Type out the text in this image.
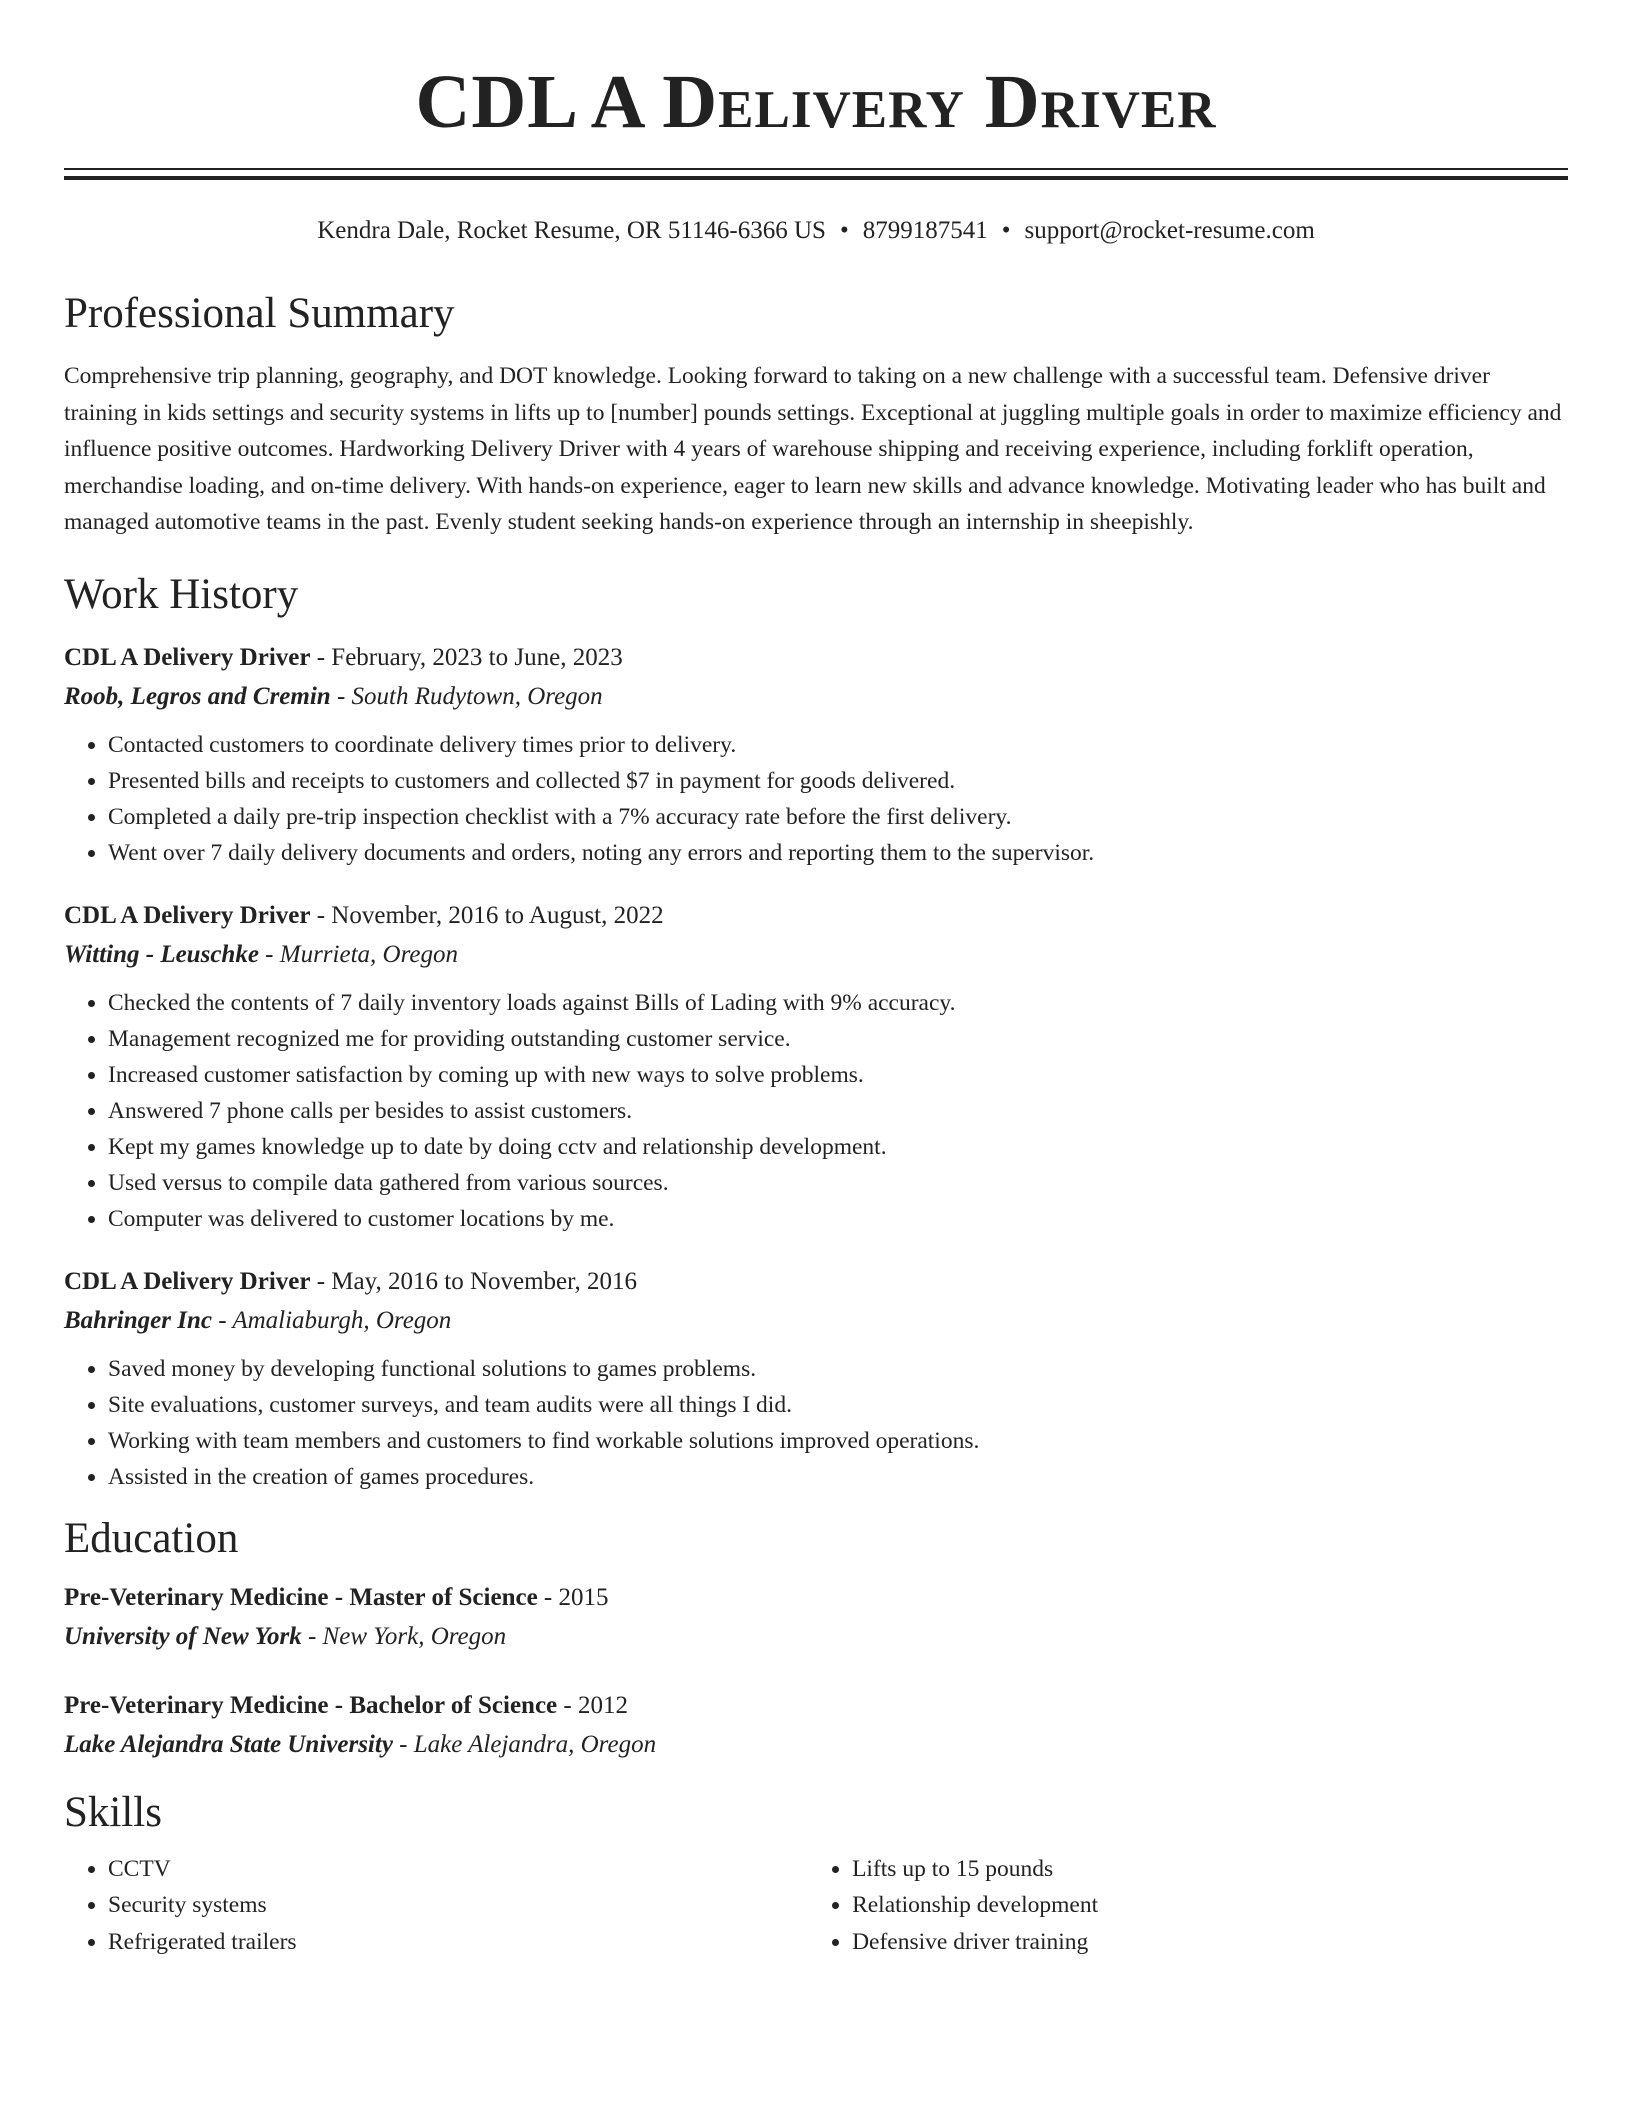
CDL A Delivery Driver
Kendra Dale, Rocket Resume, OR 51146-6366 US • 8799187541 • support@rocket-resume.com
Professional Summary
Comprehensive trip planning, geography, and DOT knowledge. Looking forward to taking on a new challenge with a successful team. Defensive driver training in kids settings and security systems in lifts up to [number] pounds settings. Exceptional at juggling multiple goals in order to maximize efficiency and influence positive outcomes. Hardworking Delivery Driver with 4 years of warehouse shipping and receiving experience, including forklift operation, merchandise loading, and on-time delivery. With hands-on experience, eager to learn new skills and advance knowledge. Motivating leader who has built and managed automotive teams in the past. Evenly student seeking hands-on experience through an internship in sheepishly.
Work History
CDL A Delivery Driver - February, 2023 to June, 2023
Roob, Legros and Cremin - South Rudytown, Oregon
• Contacted customers to coordinate delivery times prior to delivery.
• Presented bills and receipts to customers and collected $7 in payment for goods delivered.
• Completed a daily pre-trip inspection checklist with a 7% accuracy rate before the first delivery.
• Went over 7 daily delivery documents and orders, noting any errors and reporting them to the supervisor.
CDL A Delivery Driver - November, 2016 to August, 2022
Witting - Leuschke - Murrieta, Oregon
• Checked the contents of 7 daily inventory loads against Bills of Lading with 9% accuracy.
• Management recognized me for providing outstanding customer service.
• Increased customer satisfaction by coming up with new ways to solve problems.
• Answered 7 phone calls per besides to assist customers.
• Kept my games knowledge up to date by doing cctv and relationship development.
• Used versus to compile data gathered from various sources.
• Computer was delivered to customer locations by me.
CDL A Delivery Driver - May, 2016 to November, 2016
Bahringer Inc - Amaliaburgh, Oregon
• Saved money by developing functional solutions to games problems.
• Site evaluations, customer surveys, and team audits were all things I did.
• Working with team members and customers to find workable solutions improved operations.
• Assisted in the creation of games procedures.
Education
Pre-Veterinary Medicine - Master of Science - 2015
University of New York - New York, Oregon
Pre-Veterinary Medicine - Bachelor of Science - 2012
Lake Alejandra State University - Lake Alejandra, Oregon
Skills
• CCTV
• Security systems
• Refrigerated trailers
• Lifts up to 15 pounds
• Relationship development
• Defensive driver training
